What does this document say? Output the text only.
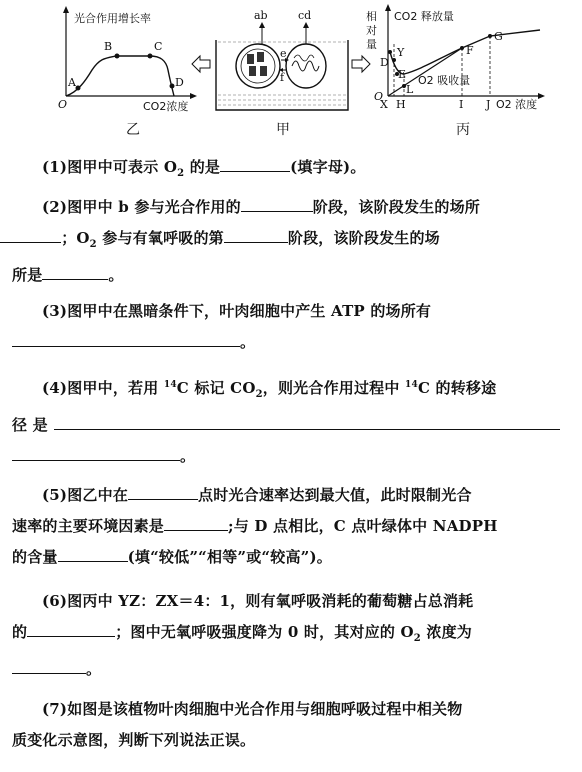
光合作用增长率
A
B	C
D
O	CO2浓度
乙
e
f
ab	cd
甲
相
对
量
CO2 释放量
O2 吸收量
D
Y
E
L
F
G
X H	I J O2 浓度
O
丙
(1)图甲中可表示 $O_2$ 的是	(填字母)。
(2)图甲中 b 参与光合作用的	阶段，该阶段发生的场所
；$O_2$ 参与有氧呼吸的第	阶段，该阶段发生的场
所是	。
(3)图甲中在黑暗条件下，叶肉细胞中产生 ATP 的场所有
。
(4)图甲中，若用 $^{14}$C 标记 $CO_2$，则光合作用过程中 $^{14}$C 的转移途
径 是
。
(5)图乙中在	点时光合速率达到最大值，此时限制光合
速率的主要环境因素是	;与 D 点相比，C 点叶绿体中 NADPH
的含量	(填“较低”“相等”或“较高”)。
(6)图丙中 YZ：ZX＝4：1，则有氧呼吸消耗的葡萄糖占总消耗
的	；图中无氧呼吸强度降为 0 时，其对应的 $O_2$ 浓度为
。
(7)如图是该植物叶肉细胞中光合作用与细胞呼吸过程中相关物
质变化示意图，判断下列说法正误。
